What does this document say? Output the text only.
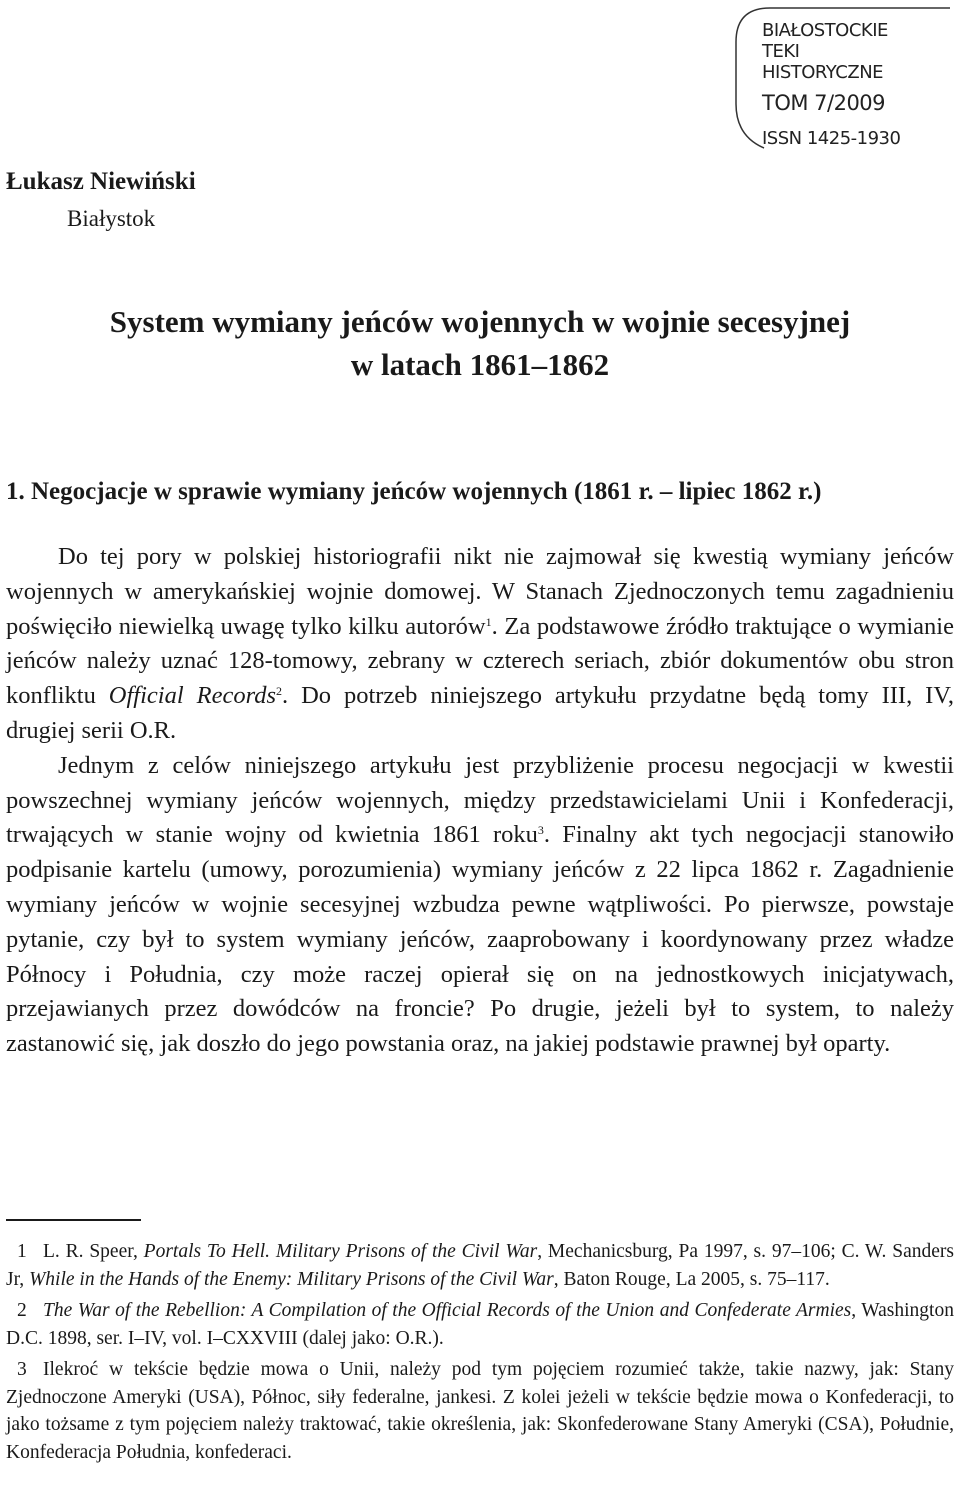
BIAŁOSTOCKIE
TEKI
HISTORYCZNE
TOM 7/2009
ISSN 1425-1930
Łukasz Niewiński
Białystok
System wymiany jeńców wojennych w wojnie secesyjnej
w latach 1861–1862
1. Negocjacje w sprawie wymiany jeńców wojennych (1861 r. – lipiec 1862 r.)

Do tej pory w polskiej historiografii nikt nie zajmował się kwestią wymiany jeńców wojennych w amerykańskiej wojnie domowej. W Stanach Zjednoczonych temu zagadnieniu poświęciło niewielką uwagę tylko kilku autorów$^1$. Za podstawowe źródło traktujące o wymianie jeńców należy uznać 128-tomowy, zebrany w czterech seriach, zbiór dokumentów obu stron konfliktu Official Records$^2$. Do potrzeb niniejszego artykułu przydatne będą tomy III, IV, drugiej serii O.R.

Jednym z celów niniejszego artykułu jest przybliżenie procesu negocjacji w kwestii powszechnej wymiany jeńców wojennych, między przedstawicielami Unii i Konfederacji, trwających w stanie wojny od kwietnia 1861 roku$^3$. Finalny akt tych negocjacji stanowiło podpisanie kartelu (umowy, porozumienia) wymiany jeńców z 22 lipca 1862 r. Zagadnienie wymiany jeńców w wojnie secesyjnej wzbudza pewne wątpliwości. Po pierwsze, powstaje pytanie, czy był to system wymiany jeńców, zaaprobowany i koordynowany przez władze Północy i Południa, czy może raczej opierał się on na jednostkowych inicjatywach, przejawianych przez dowódców na froncie? Po drugie, jeżeli był to system, to należy zastanowić się, jak doszło do jego powstania oraz, na jakiej podstawie prawnej był oparty.

1 L. R. Speer, Portals To Hell. Military Prisons of the Civil War, Mechanicsburg, Pa 1997, s. 97–106; C. W. Sanders Jr, While in the Hands of the Enemy: Military Prisons of the Civil War, Baton Rouge, La 2005, s. 75–117.

2 The War of the Rebellion: A Compilation of the Official Records of the Union and Confederate Armies, Washington D.C. 1898, ser. I–IV, vol. I–CXXVIII (dalej jako: O.R.).

3 Ilekroć w tekście będzie mowa o Unii, należy pod tym pojęciem rozumieć także, takie nazwy, jak: Stany Zjednoczone Ameryki (USA), Północ, siły federalne, jankesi. Z kolei jeżeli w tekście będzie mowa o Konfederacji, to jako tożsame z tym pojęciem należy traktować, takie określenia, jak: Skonfederowane Stany Ameryki (CSA), Południe, Konfederacja Południa, konfederaci.
